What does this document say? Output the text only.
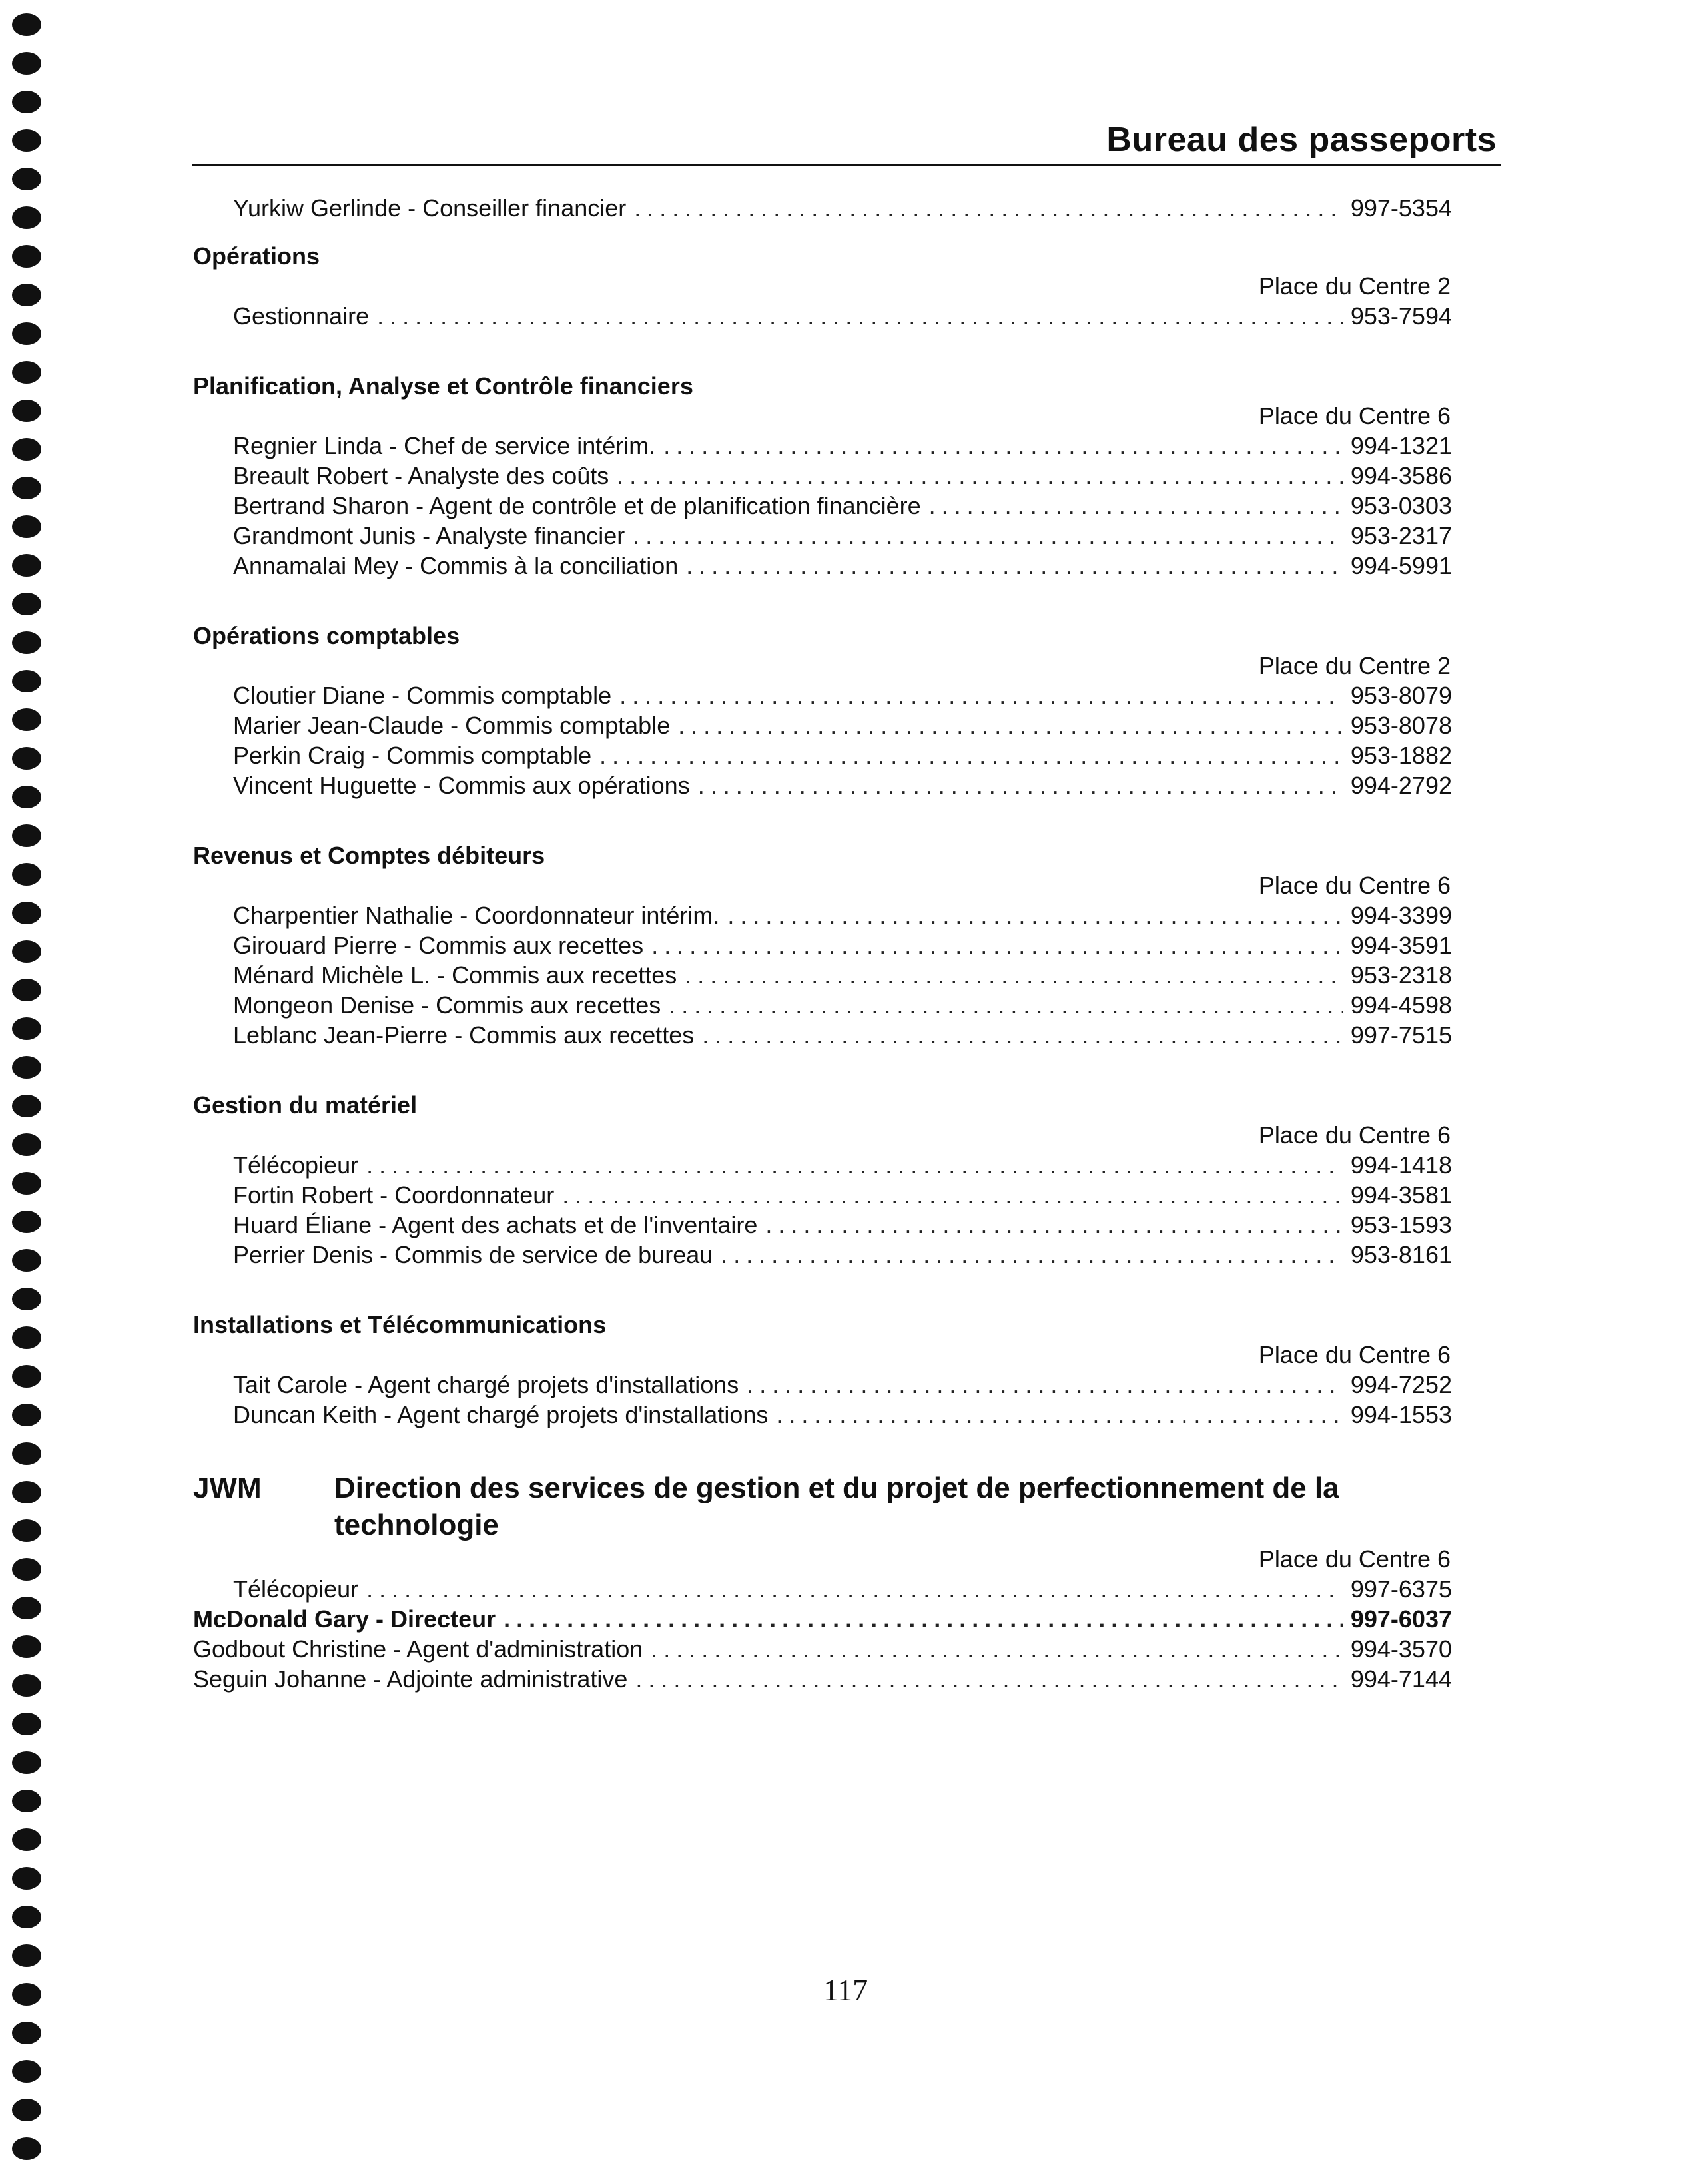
Bureau des passeports
Yurkiw Gerlinde - Conseiller financier .....	997-5354
Opérations
Place du Centre 2
Gestionnaire .....	953-7594
Planification, Analyse et Contrôle financiers
Place du Centre 6
Regnier Linda - Chef de service intérim. .....	994-1321
Breault Robert - Analyste des coûts .....	994-3586
Bertrand Sharon - Agent de contrôle et de planification financière .....	953-0303
Grandmont Junis - Analyste financier .....	953-2317
Annamalai Mey - Commis à la conciliation .....	994-5991
Opérations comptables
Place du Centre 2
Cloutier Diane - Commis comptable .....	953-8079
Marier Jean-Claude - Commis comptable .....	953-8078
Perkin Craig - Commis comptable .....	953-1882
Vincent Huguette - Commis aux opérations .....	994-2792
Revenus et Comptes débiteurs
Place du Centre 6
Charpentier Nathalie - Coordonnateur intérim. .....	994-3399
Girouard Pierre - Commis aux recettes .....	994-3591
Ménard Michèle L. - Commis aux recettes .....	953-2318
Mongeon Denise - Commis aux recettes .....	994-4598
Leblanc Jean-Pierre - Commis aux recettes .....	997-7515
Gestion du matériel
Place du Centre 6
Télécopieur .....	994-1418
Fortin Robert - Coordonnateur .....	994-3581
Huard Éliane - Agent des achats et de l'inventaire .....	953-1593
Perrier Denis - Commis de service de bureau .....	953-8161
Installations et Télécommunications
Place du Centre 6
Tait Carole - Agent chargé projets d'installations .....	994-7252
Duncan Keith - Agent chargé projets d'installations .....	994-1553
JWM	Direction des services de gestion et du projet de perfectionnement de la technologie
Place du Centre 6
Télécopieur .....	997-6375
McDonald Gary - Directeur .....	997-6037
Godbout Christine - Agent d'administration .....	994-3570
Seguin Johanne - Adjointe administrative .....	994-7144
117
